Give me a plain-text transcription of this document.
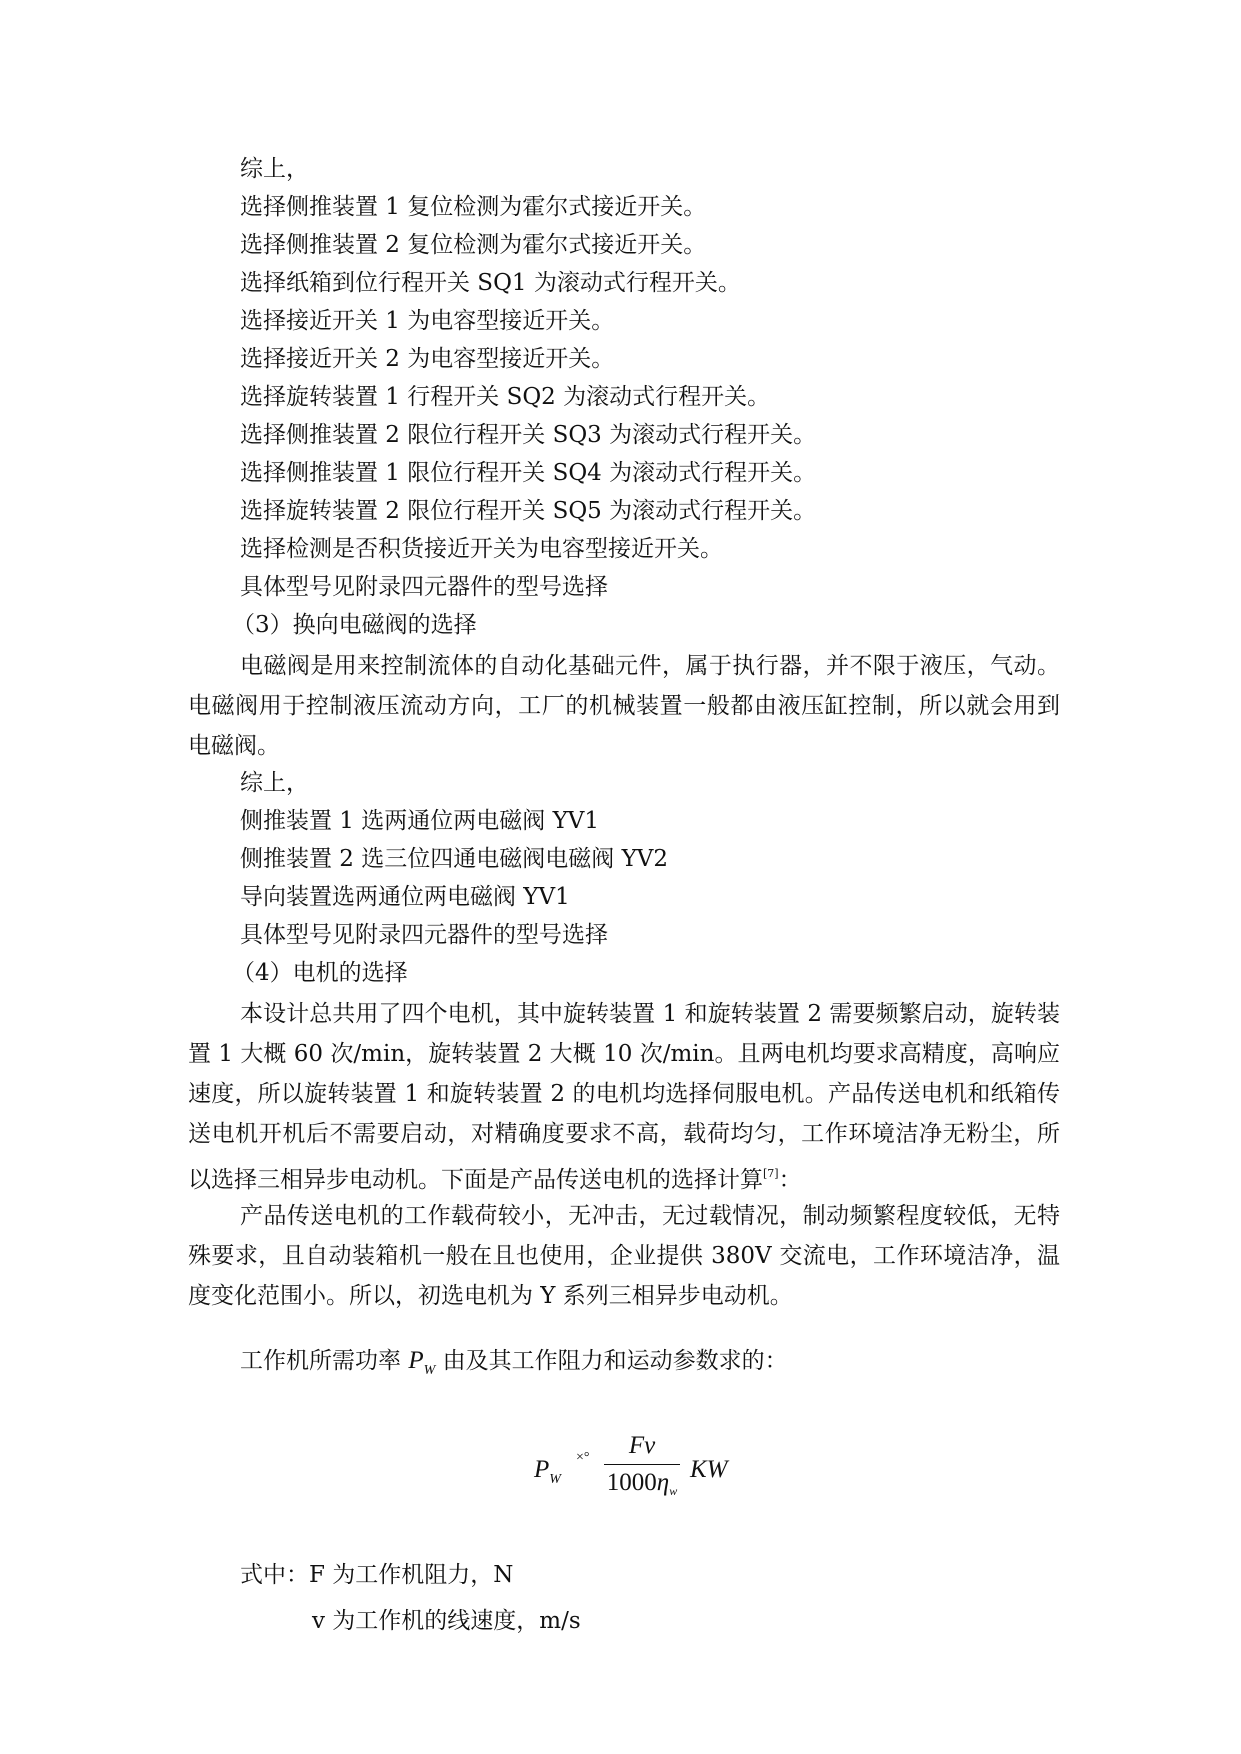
综上，
选择侧推装置 1 复位检测为霍尔式接近开关。
选择侧推装置 2 复位检测为霍尔式接近开关。
选择纸箱到位行程开关 SQ1 为滚动式行程开关。
选择接近开关 1 为电容型接近开关。
选择接近开关 2 为电容型接近开关。
选择旋转装置 1 行程开关 SQ2 为滚动式行程开关。
选择侧推装置 2 限位行程开关 SQ3 为滚动式行程开关。
选择侧推装置 1 限位行程开关 SQ4 为滚动式行程开关。
选择旋转装置 2 限位行程开关 SQ5 为滚动式行程开关。
选择检测是否积货接近开关为电容型接近开关。
具体型号见附录四元器件的型号选择
（3）换向电磁阀的选择

电磁阀是用来控制流体的自动化基础元件，属于执行器，并不限于液压，气动。电磁阀用于控制液压流动方向，工厂的机械装置一般都由液压缸控制，所以就会用到电磁阀。

综上，
侧推装置 1 选两通位两电磁阀 YV1
侧推装置 2 选三位四通电磁阀电磁阀 YV2
导向装置选两通位两电磁阀 YV1
具体型号见附录四元器件的型号选择
（4）电机的选择

本设计总共用了四个电机，其中旋转装置 1 和旋转装置 2 需要频繁启动，旋转装置 1 大概 60 次/min，旋转装置 2 大概 10 次/min。且两电机均要求高精度，高响应速度，所以旋转装置 1 和旋转装置 2 的电机均选择伺服电机。产品传送电机和纸箱传送电机开机后不需要启动，对精确度要求不高，载荷均匀，工作环境洁净无粉尘，所以选择三相异步电动机。下面是产品传送电机的选择计算[7]：

产品传送电机的工作载荷较小，无冲击，无过载情况，制动频繁程度较低，无特殊要求，且自动装箱机一般在且也使用，企业提供 380V 交流电，工作环境洁净，温度变化范围小。所以，初选电机为 Y 系列三相异步电动机。

工作机所需功率 $P_W$ 由及其工作阻力和运动参数求的：
$P_W$
×°	Fv
$1000\eta_w$
KW
式中：F 为工作机阻力，N
v 为工作机的线速度，m/s
